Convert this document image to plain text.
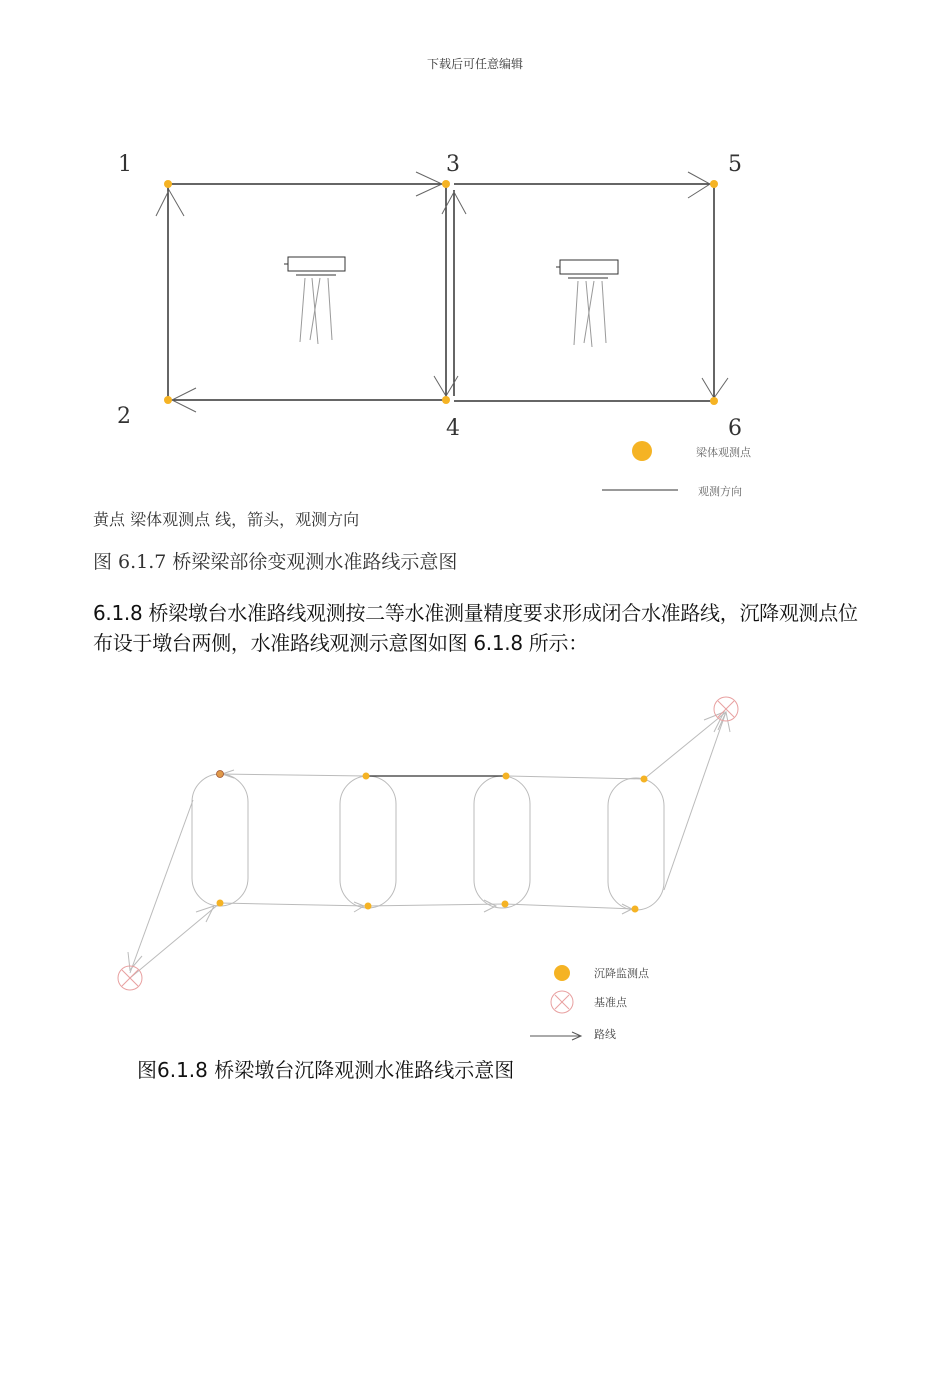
下载后可任意编辑
1
2
3
4
5
6
梁体观测点
观测方向
黄点 梁体观测点 线，箭头，观测方向
图 6.1.7 桥梁梁部徐变观测水准路线示意图
6.1.8 桥梁墩台水准路线观测按二等水准测量精度要求形成闭合水准路线，沉降观测点位布设于墩台两侧，水准路线观测示意图如图 6.1.8 所示：
沉降监测点
基准点
路线
图6.1.8 桥梁墩台沉降观测水准路线示意图
